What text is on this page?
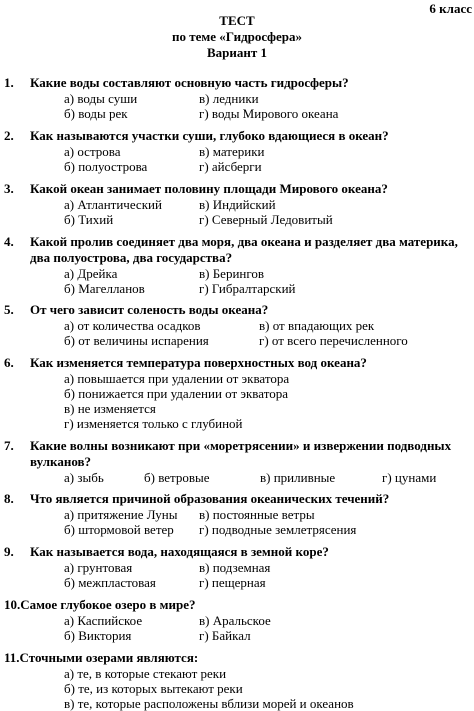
6 класс
ТЕСТ
по теме «Гидросфера»
Вариант 1
1. Какие воды составляют основную часть гидросферы?
а) воды суши	в) ледники
б) воды рек	г) воды Мирового океана
2. Как называются участки суши, глубоко вдающиеся в океан?
а) острова	в) материки
б) полуострова	г) айсберги
3. Какой океан занимает половину площади Мирового океана?
а) Атлантический	в) Индийский
б) Тихий	г) Северный Ледовитый
4. Какой пролив соединяет два моря, два океана и разделяет два материка,
два полуострова, два государства?
а) Дрейка	в) Берингов
б) Магелланов	г) Гибралтарский
5. От чего зависит соленость воды океана?
а) от количества осадков	в) от впадающих рек
б) от величины испарения	г) от всего перечисленного
6. Как изменяется температура поверхностных вод океана?
а) повышается при удалении от экватора
б) понижается при удалении от экватора
в) не изменяется
г) изменяется только с глубиной
7. Какие волны возникают при «моретрясении» и извержении подводных
вулканов?
а) зыбь	б) ветровые	в) приливные	г) цунами
8. Что является причиной образования океанических течений?
а) притяжение Луны в) постоянные ветры
б) штормовой ветер г) подводные землетрясения
9. Как называется вода, находящаяся в земной коре?
а) грунтовая	в) подземная
б) межпластовая	г) пещерная
10.Самое глубокое озеро в мире?
а) Каспийское	в) Аральское
б) Виктория	г) Байкал
11.Сточными озерами являются:
а) те, в которые стекают реки
б) те, из которых вытекают реки
в) те, которые расположены вблизи морей и океанов
